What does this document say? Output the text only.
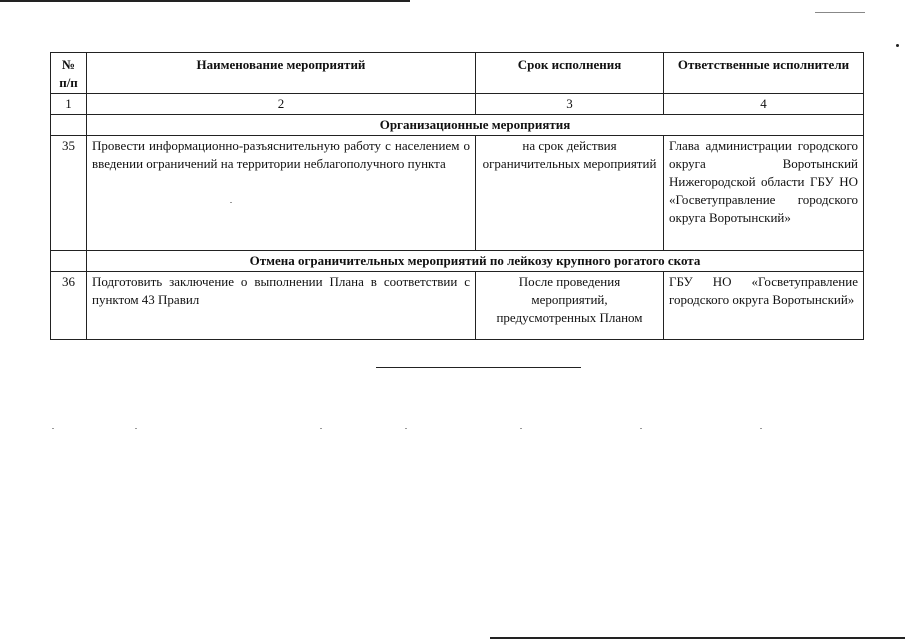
№ п/п	Наименование мероприятий	Срок исполнения	Ответственные исполнители
1	2	3	4
	Организационные мероприятия		
35	Провести информационно-разъяснительную работу с населением о введении ограничений на территории неблагополучного пункта	на срок действия ограничительных мероприятий	Глава администрации городского округа Воротынский Нижегородской области ГБУ НО «Госветуправление городского округа Воротынский»
	Отмена ограничительных мероприятий по лейкозу крупного рогатого скота		
36	Подготовить заключение о выполнении Плана в соответствии с пунктом 43 Правил	После проведения мероприятий, предусмотренных Планом	ГБУ НО «Госветуправление городского округа Воротынский»
